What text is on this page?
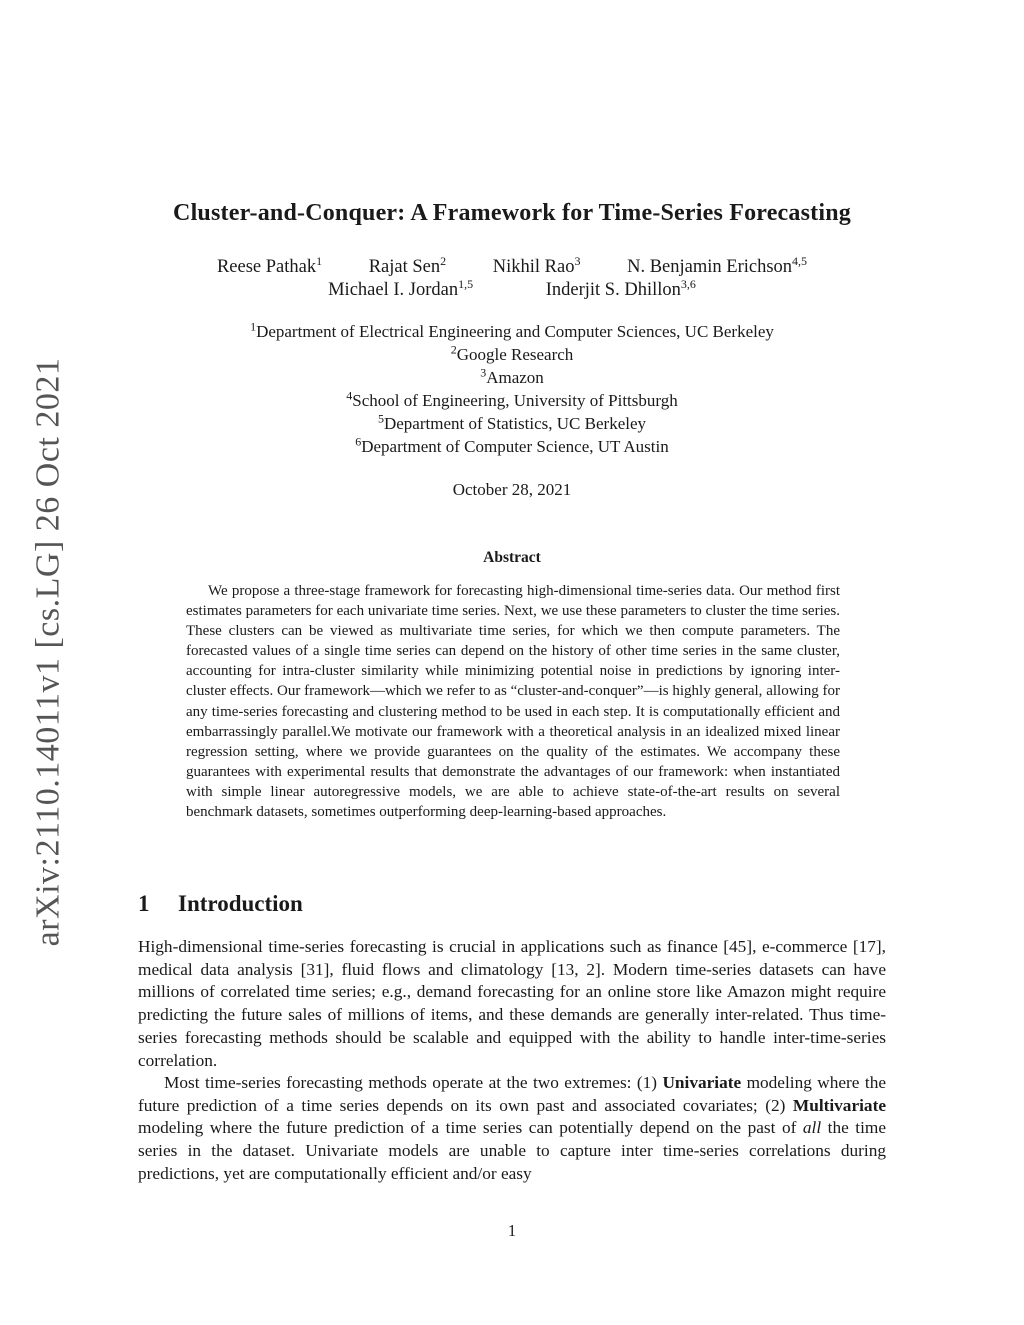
arXiv:2110.14011v1 [cs.LG] 26 Oct 2021
Cluster-and-Conquer: A Framework for Time-Series Forecasting
Reese Pathak$^1$	Rajat Sen$^2$	Nikhil Rao$^3$	N. Benjamin Erichson$^{4,5}$
Michael I. Jordan$^{1,5}$	Inderjit S. Dhillon$^{3,6}$
$^1$Department of Electrical Engineering and Computer Sciences, UC Berkeley
$^2$Google Research
$^3$Amazon
$^4$School of Engineering, University of Pittsburgh
$^5$Department of Statistics, UC Berkeley
$^6$Department of Computer Science, UT Austin
October 28, 2021
Abstract

We propose a three-stage framework for forecasting high-dimensional time-series data. Our method first estimates parameters for each univariate time series. Next, we use these parameters to cluster the time series. These clusters can be viewed as multivariate time series, for which we then compute parameters. The forecasted values of a single time series can depend on the history of other time series in the same cluster, accounting for intra-cluster similarity while minimizing potential noise in predictions by ignoring inter-cluster effects. Our framework—which we refer to as “cluster-and-conquer”—is highly general, allowing for any time-series forecasting and clustering method to be used in each step. It is computationally efficient and embarrassingly parallel.We motivate our framework with a theoretical analysis in an idealized mixed linear regression setting, where we provide guarantees on the quality of the estimates. We accompany these guarantees with experimental results that demonstrate the advantages of our framework: when instantiated with simple linear autoregressive models, we are able to achieve state-of-the-art results on several benchmark datasets, sometimes outperforming deep-learning-based approaches.

1 Introduction

High-dimensional time-series forecasting is crucial in applications such as finance [45], e-commerce [17], medical data analysis [31], fluid flows and climatology [13, 2]. Modern time-series datasets can have millions of correlated time series; e.g., demand forecasting for an online store like Amazon might require predicting the future sales of millions of items, and these demands are generally inter-related. Thus time-series forecasting methods should be scalable and equipped with the ability to handle inter-time-series correlation.

Most time-series forecasting methods operate at the two extremes: (1) Univariate modeling where the future prediction of a time series depends on its own past and associated covariates; (2) Multivariate modeling where the future prediction of a time series can potentially depend on the past of all the time series in the dataset. Univariate models are unable to capture inter time-series correlations during predictions, yet are computationally efficient and/or easy

1
